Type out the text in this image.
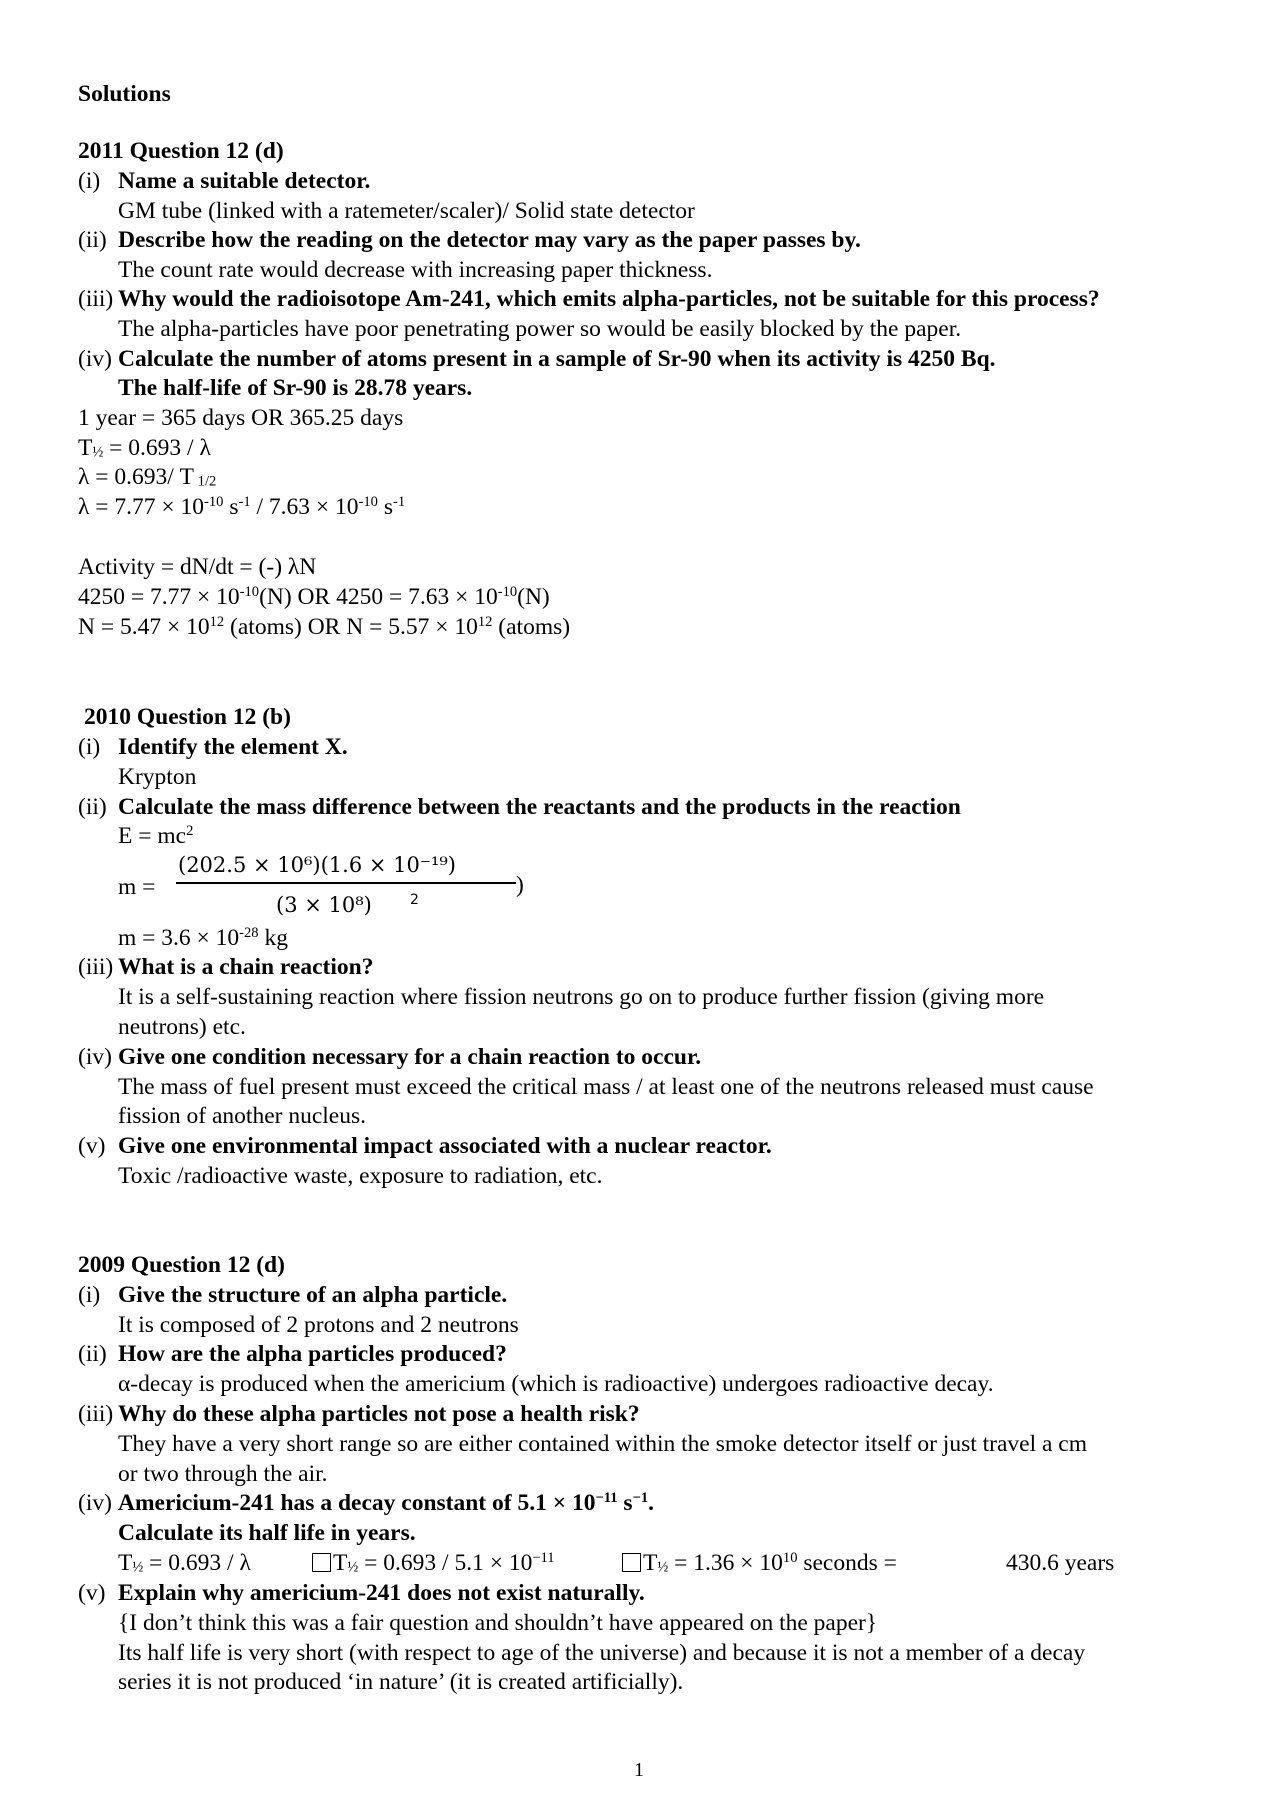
Solutions
2011 Question 12 (d)
(i) Name a suitable detector.
GM tube (linked with a ratemeter/scaler)/ Solid state detector
(ii) Describe how the reading on the detector may vary as the paper passes by.
The count rate would decrease with increasing paper thickness.
(iii) Why would the radioisotope Am-241, which emits alpha-particles, not be suitable for this process?
The alpha-particles have poor penetrating power so would be easily blocked by the paper.
(iv) Calculate the number of atoms present in a sample of Sr-90 when its activity is 4250 Bq.
The half-life of Sr-90 is 28.78 years.
1 year = 365 days OR 365.25 days
$T_{\frac{1}{2}} = 0.693 / \lambda$
λ = 0.693/ T $_{1/2}$
$\lambda = 7.77 \times 10^{-10}$ $s^{-1} / 7.63 \times 10^{-10}$ $s^{-1}$
Activity = dN/dt = (-) λN
$4250 = 7.77 \times 10^{-10}(N)$ OR $4250 = 7.63 \times 10^{-10}(N)$
$N = 5.47 \times 10^{12}$ (atoms) OR $N = 5.57 \times 10^{12}$ (atoms)
2010 Question 12 (b)
(i) Identify the element X.
Krypton
(ii) Calculate the mass difference between the reactants and the products in the reaction
$E = mc^2$
m =
(202.5 × 10⁶)(1.6 × 10⁻¹⁹)
(3 × 10⁸)	2
)
$m = 3.6 \times 10^{-28}$ kg
(iii) What is a chain reaction?
It is a self-sustaining reaction where fission neutrons go on to produce further fission (giving more
neutrons) etc.
(iv) Give one condition necessary for a chain reaction to occur.
The mass of fuel present must exceed the critical mass / at least one of the neutrons released must cause
fission of another nucleus.
(v) Give one environmental impact associated with a nuclear reactor.
Toxic /radioactive waste, exposure to radiation, etc.
2009 Question 12 (d)
(i) Give the structure of an alpha particle.
It is composed of 2 protons and 2 neutrons
(ii) How are the alpha particles produced?
α-decay is produced when the americium (which is radioactive) undergoes radioactive decay.
(iii) Why do these alpha particles not pose a health risk?
They have a very short range so are either contained within the smoke detector itself or just travel a cm
or two through the air.
(iv) Americium-241 has a decay constant of $5.1 \times 10^{-11}$ $s^{-1}$.
Calculate its half life in years.
$T_{\frac{1}{2}} = 0.693 / \lambda$	$T_{\frac{1}{2}} = 0.693 / 5.1 \times 10^{-11}$	$T_{\frac{1}{2}} = 1.36 \times 10^{10}$ seconds =	430.6 years
(v) Explain why americium-241 does not exist naturally.
{I don’t think this was a fair question and shouldn’t have appeared on the paper}
Its half life is very short (with respect to age of the universe) and because it is not a member of a decay
series it is not produced ‘in nature’ (it is created artificially).
1
